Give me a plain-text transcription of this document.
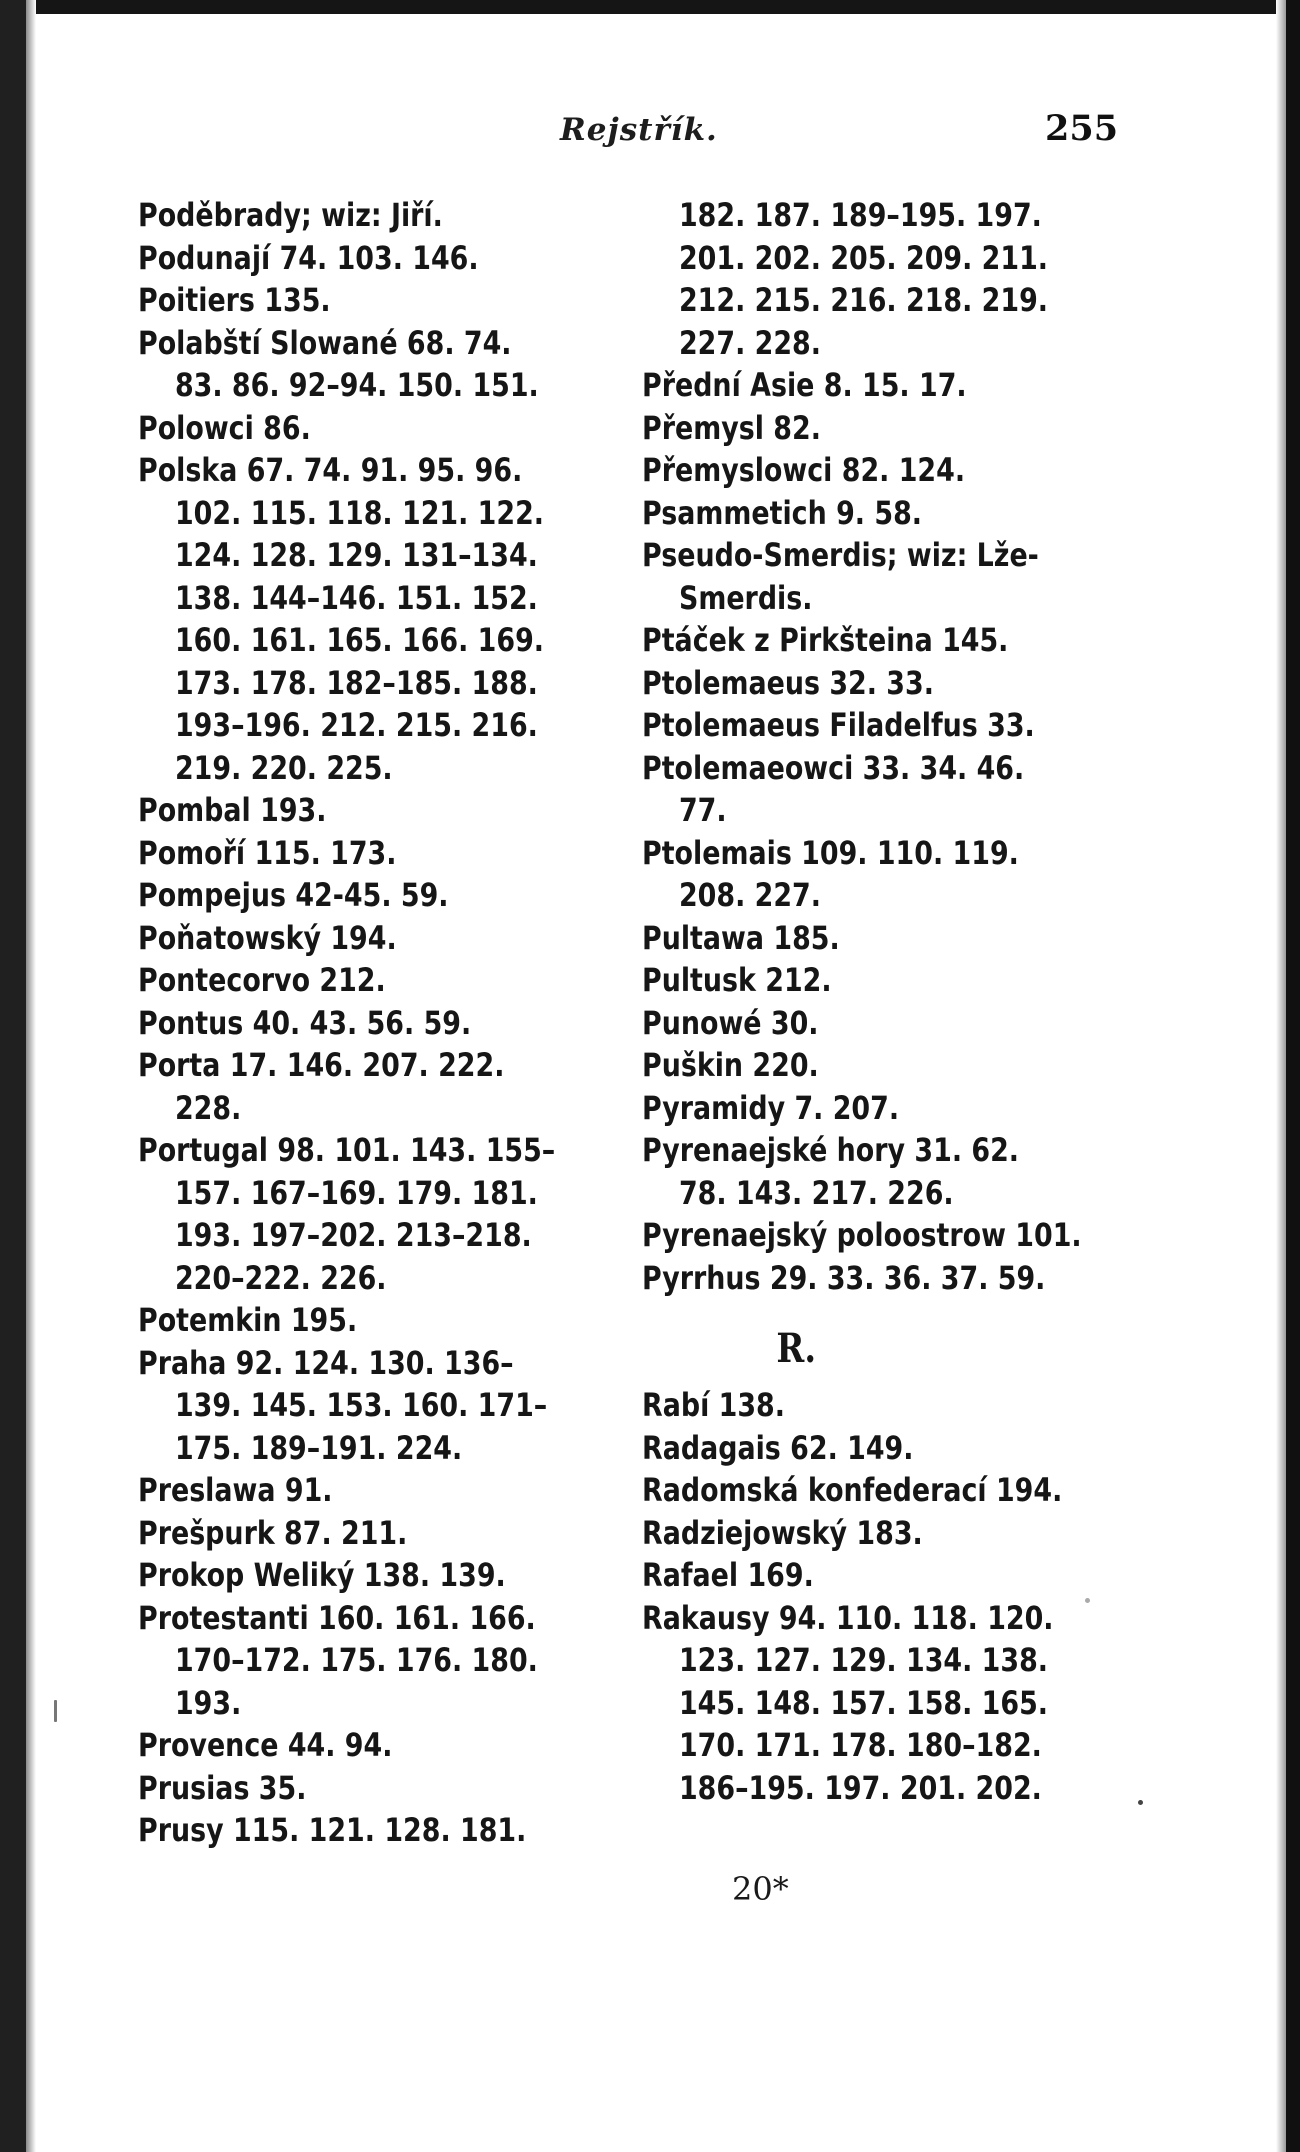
Rejstřík.	255
Poděbrady; wiz: Jiří.
Podunají 74. 103. 146.
Poitiers 135.
Polabští Slowané 68. 74.
83. 86. 92–94. 150. 151.
Polowci 86.
Polska 67. 74. 91. 95. 96.
102. 115. 118. 121. 122.
124. 128. 129. 131–134.
138. 144–146. 151. 152.
160. 161. 165. 166. 169.
173. 178. 182–185. 188.
193–196. 212. 215. 216.
219. 220. 225.
Pombal 193.
Pomoří 115. 173.
Pompejus 42-45. 59.
Poňatowský 194.
Pontecorvo 212.
Pontus 40. 43. 56. 59.
Porta 17. 146. 207. 222.
228.
Portugal 98. 101. 143. 155–
157. 167–169. 179. 181.
193. 197–202. 213–218.
220–222. 226.
Potemkin 195.
Praha 92. 124. 130. 136–
139. 145. 153. 160. 171–
175. 189–191. 224.
Preslawa 91.
Prešpurk 87. 211.
Prokop Weliký 138. 139.
Protestanti 160. 161. 166.
170–172. 175. 176. 180.
193.
Provence 44. 94.
Prusias 35.
Prusy 115. 121. 128. 181.
182. 187. 189–195. 197.
201. 202. 205. 209. 211.
212. 215. 216. 218. 219.
227. 228.
Přední Asie 8. 15. 17.
Přemysl 82.
Přemyslowci 82. 124.
Psammetich 9. 58.
Pseudo-Smerdis; wiz: Lže-
Smerdis.
Ptáček z Pirkšteina 145.
Ptolemaeus 32. 33.
Ptolemaeus Filadelfus 33.
Ptolemaeowci 33. 34. 46.
77.
Ptolemais 109. 110. 119.
208. 227.
Pultawa 185.
Pultusk 212.
Punowé 30.
Puškin 220.
Pyramidy 7. 207.
Pyrenaejské hory 31. 62.
78. 143. 217. 226.
Pyrenaejský poloostrow 101.
Pyrrhus 29. 33. 36. 37. 59.
R.
Rabí 138.
Radagais 62. 149.
Radomská konfederací 194.
Radziejowský 183.
Rafael 169.
Rakausy 94. 110. 118. 120.
123. 127. 129. 134. 138.
145. 148. 157. 158. 165.
170. 171. 178. 180–182.
186–195. 197. 201. 202.
20*
